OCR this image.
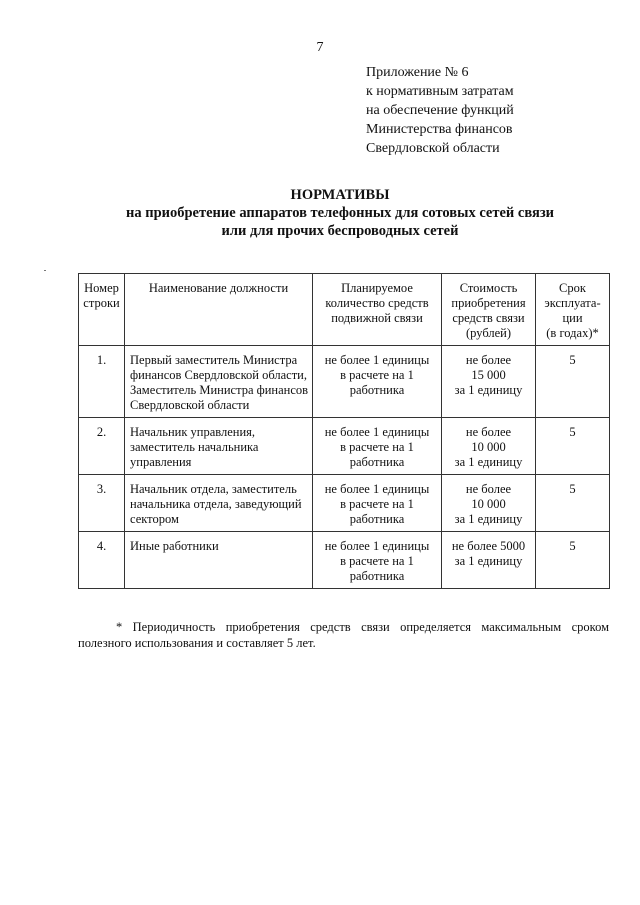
7
Приложение № 6
к нормативным затратам
на обеспечение функций
Министерства финансов
Свердловской области
НОРМАТИВЫ
на приобретение аппаратов телефонных для сотовых сетей связи
или для прочих беспроводных сетей
Номер
строки	Наименование должности	Планируемое
количество средств
подвижной связи	Стоимость
приобретения
средств связи
(рублей)	Срок
эксплуата-
ции
(в годах)*
1.	Первый заместитель Министра финансов Свердловской области, Заместитель Министра финансов Свердловской области	не более 1 единицы
в расчете на 1
работника	не более
15 000
за 1 единицу	5
2.	Начальник управления, заместитель начальника управления	не более 1 единицы
в расчете на 1
работника	не более
10 000
за 1 единицу	5
3.	Начальник отдела, заместитель начальника отдела, заведующий сектором	не более 1 единицы
в расчете на 1
работника	не более
10 000
за 1 единицу	5
4.	Иные работники	не более 1 единицы
в расчете на 1
работника	не более 5000
за 1 единицу	5
* Периодичность приобретения средств связи определяется максимальным сроком полезного использования и составляет 5 лет.
